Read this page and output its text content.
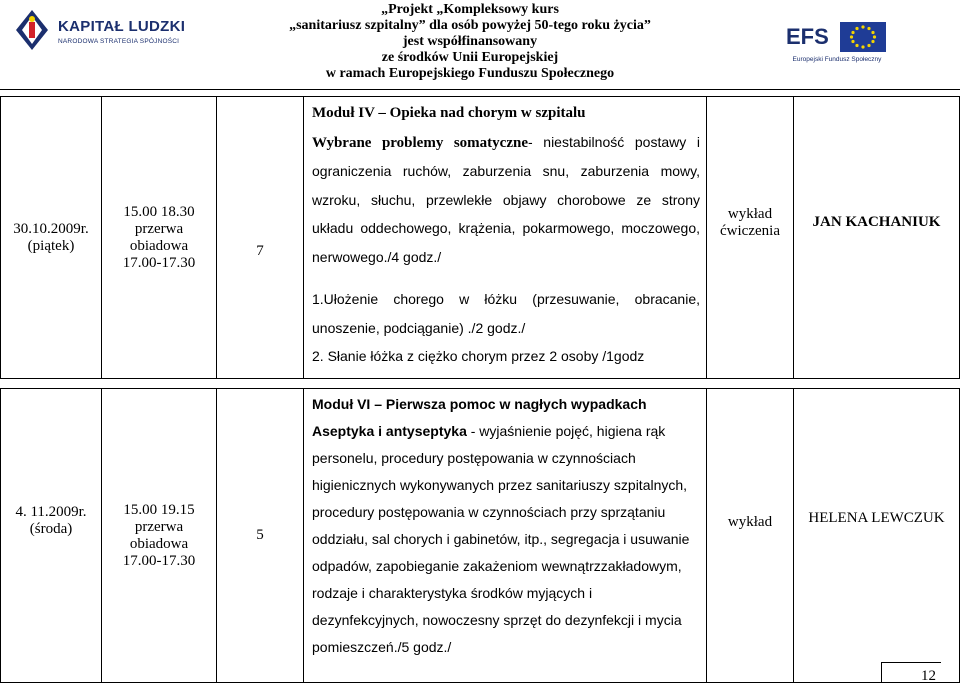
KAPITAŁ LUDZKI
NARODOWA STRATEGIA SPÓJNOŚCI
„Projekt „Kompleksowy kurs
„sanitariusz szpitalny” dla osób powyżej 50-tego roku życia”
jest współfinansowany
ze środków Unii Europejskiej
w ramach Europejskiego Funduszu Społecznego
EFS
Europejski Fundusz Społeczny
30.10.2009r.
(piątek)
15.00 18.30
przerwa
obiadowa
17.00-17.30
7

Moduł IV – Opieka nad chorym w szpitalu

Wybrane problemy somatyczne- niestabilność postawy i ograniczenia ruchów, zaburzenia snu, zaburzenia mowy, wzroku, słuchu, przewlekłe objawy chorobowe ze strony układu oddechowego, krążenia, pokarmowego, moczowego, nerwowego./4 godz./

1.Ułożenie chorego w łóżku (przesuwanie, obracanie, unoszenie, podciąganie) ./2 godz./

2. Słanie łóżka z ciężko chorym przez 2 osoby /1godz

wykład
ćwiczenia
JAN KACHANIUK
4. 11.2009r.
(środa)
15.00 19.15
przerwa
obiadowa
17.00-17.30
5

Moduł VI – Pierwsza pomoc w nagłych wypadkach

Aseptyka i antyseptyka - wyjaśnienie pojęć, higiena rąk personelu, procedury postępowania w czynnościach higienicznych wykonywanych przez sanitariuszy szpitalnych, procedury postępowania w czynnościach przy sprzątaniu oddziału, sal chorych i gabinetów, itp., segregacja i usuwanie odpadów, zapobieganie zakażeniom wewnątrzzakładowym, rodzaje i charakterystyka środków myjących i dezynfekcyjnych, nowoczesny sprzęt do dezynfekcji i mycia pomieszczeń./5 godz./

wykład HELENA LEWCZUK
12
